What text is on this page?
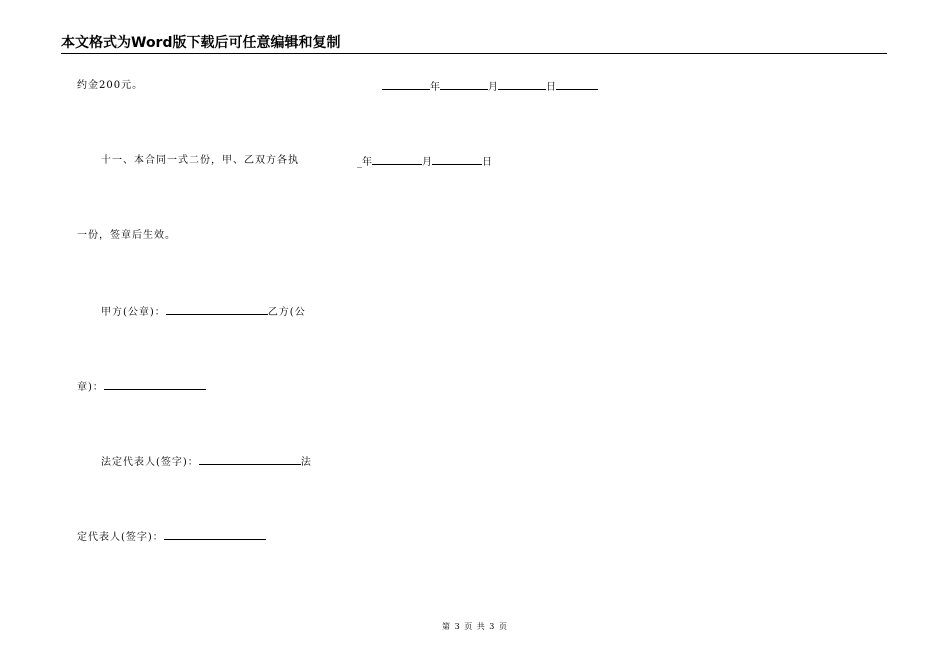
本文格式为Word版下载后可任意编辑和复制
约金200元。	年	月	日
十一、本合同一式二份，甲、乙双方各执	_年	月	日
一份，签章后生效。
甲方(公章)：	乙方(公
章)：
法定代表人(签字)：	法
定代表人(签字)：
第 3 页 共 3 页
